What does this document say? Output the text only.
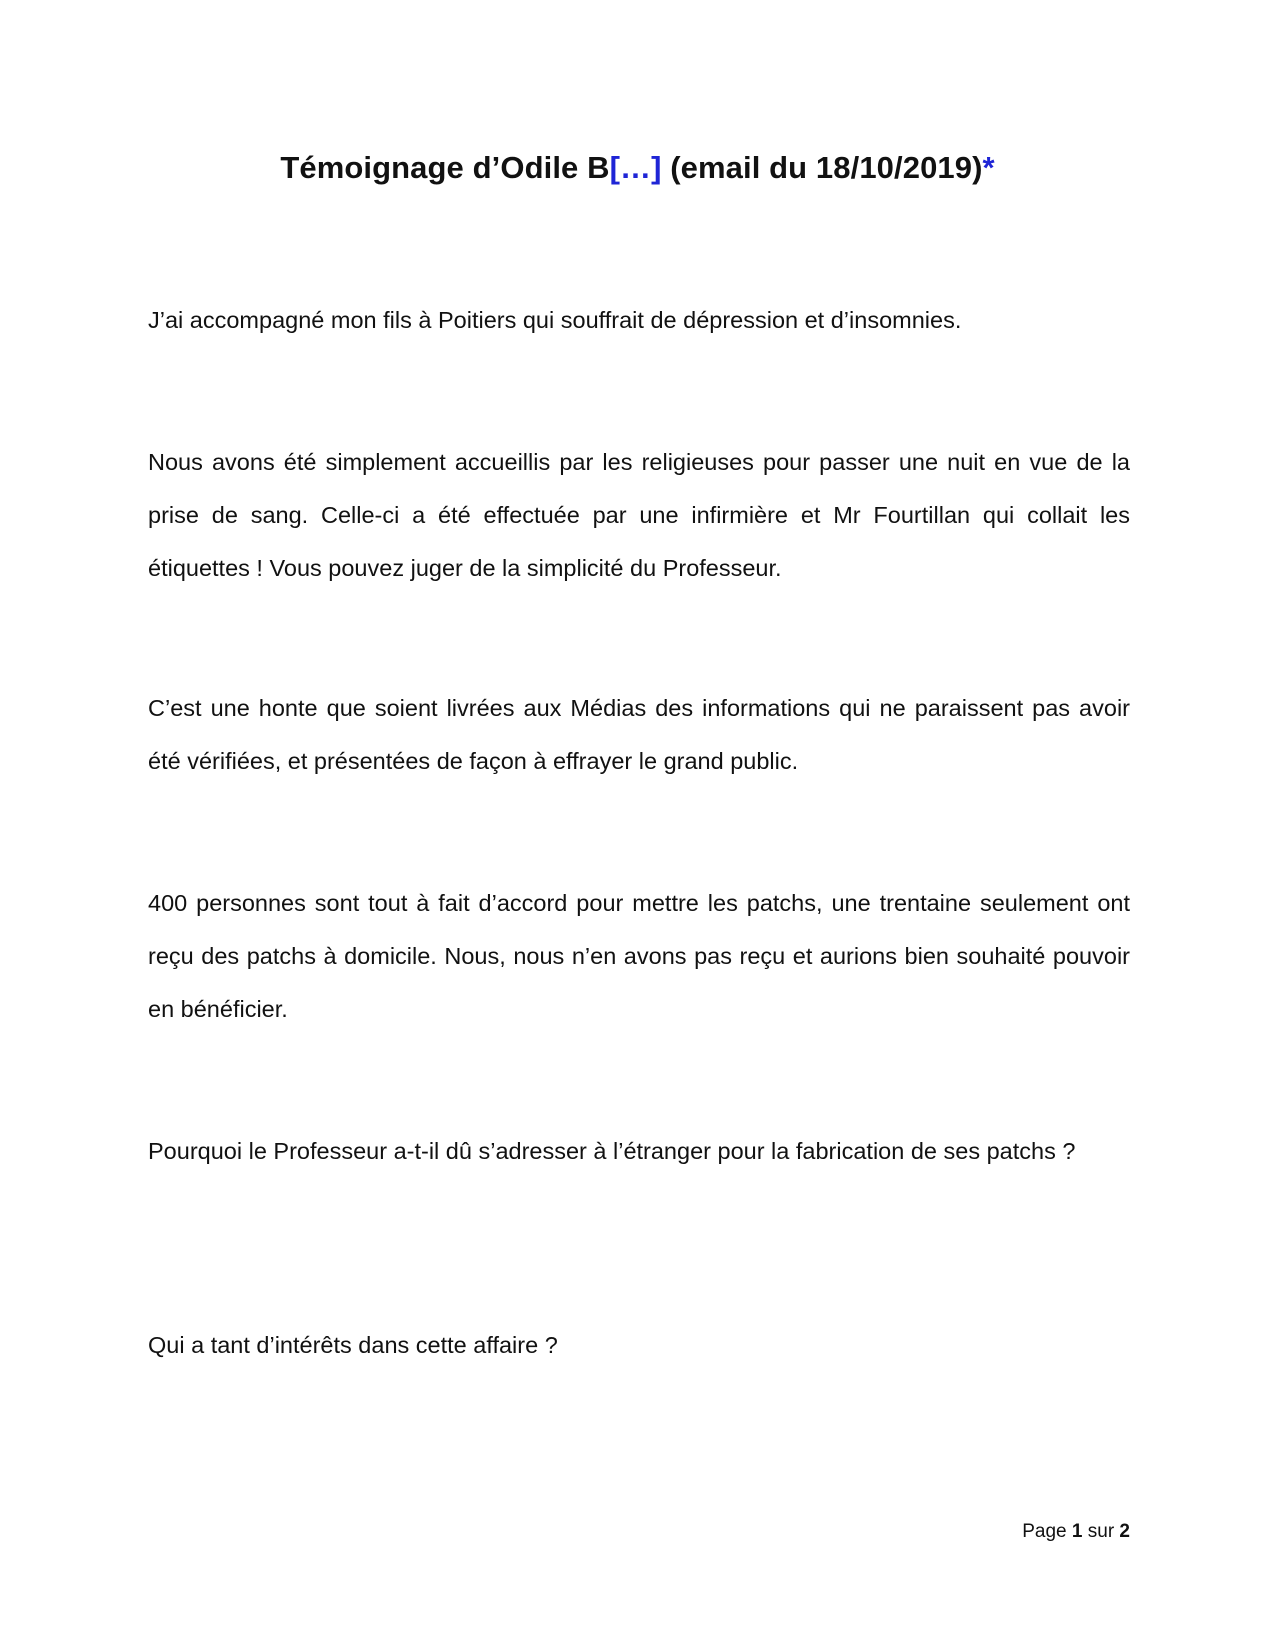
Témoignage d’Odile B[…] (email du 18/10/2019)*

J’ai accompagné mon fils à Poitiers qui souffrait de dépression et d’insomnies.

Nous avons été simplement accueillis par les religieuses pour passer une nuit en vue de la prise de sang. Celle-ci a été effectuée par une infirmière et Mr Fourtillan qui collait les étiquettes ! Vous pouvez juger de la simplicité du Professeur.

C’est une honte que soient livrées aux Médias des informations qui ne paraissent pas avoir été vérifiées, et présentées de façon à effrayer le grand public.

400 personnes sont tout à fait d’accord pour mettre les patchs, une trentaine seulement ont reçu des patchs à domicile. Nous, nous n’en avons pas reçu et aurions bien souhaité pouvoir en bénéficier.

Pourquoi le Professeur a-t-il dû s’adresser à l’étranger pour la fabrication de ses patchs ?

Qui a tant d’intérêts dans cette affaire ?

Page 1 sur 2
